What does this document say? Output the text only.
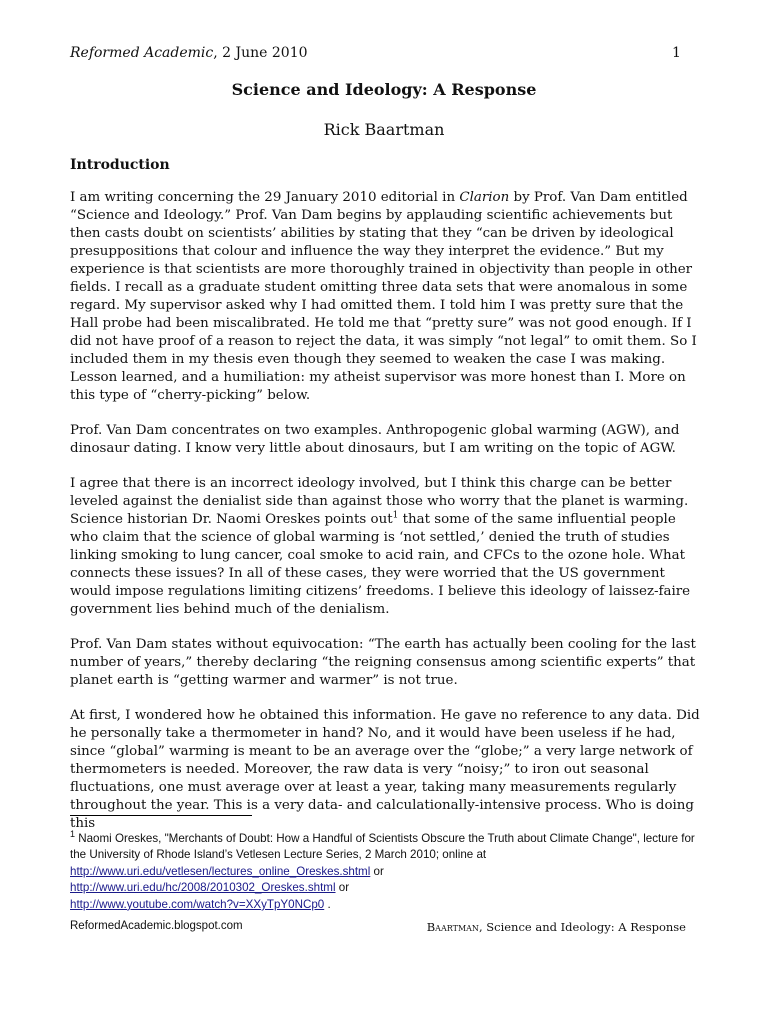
Reformed Academic, 2 June 2010	1
Science and Ideology: A Response
Rick Baartman
Introduction

I am writing concerning the 29 January 2010 editorial in Clarion by Prof. Van Dam entitled “Science and Ideology.” Prof. Van Dam begins by applauding scientific achievements but then casts doubt on scientists’ abilities by stating that they “can be driven by ideological presuppositions that colour and influence the way they interpret the evidence.” But my experience is that scientists are more thoroughly trained in objectivity than people in other fields. I recall as a graduate student omitting three data sets that were anomalous in some regard. My supervisor asked why I had omitted them. I told him I was pretty sure that the Hall probe had been miscalibrated. He told me that “pretty sure” was not good enough. If I did not have proof of a reason to reject the data, it was simply “not legal” to omit them. So I included them in my thesis even though they seemed to weaken the case I was making. Lesson learned, and a humiliation: my atheist supervisor was more honest than I. More on this type of “cherry-picking” below.

Prof. Van Dam concentrates on two examples. Anthropogenic global warming (AGW), and dinosaur dating. I know very little about dinosaurs, but I am writing on the topic of AGW.

I agree that there is an incorrect ideology involved, but I think this charge can be better leveled against the denialist side than against those who worry that the planet is warming. Science historian Dr. Naomi Oreskes points out$^1$ that some of the same influential people who claim that the science of global warming is ‘not settled,’ denied the truth of studies linking smoking to lung cancer, coal smoke to acid rain, and CFCs to the ozone hole. What connects these issues? In all of these cases, they were worried that the US government would impose regulations limiting citizens’ freedoms. I believe this ideology of laissez-faire government lies behind much of the denialism.

Prof. Van Dam states without equivocation: “The earth has actually been cooling for the last number of years,” thereby declaring “the reigning consensus among scientific experts” that planet earth is “getting warmer and warmer” is not true.

At first, I wondered how he obtained this information. He gave no reference to any data. Did he personally take a thermometer in hand? No, and it would have been useless if he had, since “global” warming is meant to be an average over the “globe;” a very large network of thermometers is needed. Moreover, the raw data is very “noisy;” to iron out seasonal fluctuations, one must average over at least a year, taking many measurements regularly throughout the year. This is a very data- and calculationally-intensive process. Who is doing this

$^1$ Naomi Oreskes, "Merchants of Doubt: How a Handful of Scientists Obscure the Truth about Climate Change", lecture for the University of Rhode Island’s Vetlesen Lecture Series, 2 March 2010; online at
http://www.uri.edu/vetlesen/lectures_online_Oreskes.shtml or
http://www.uri.edu/hc/2008/2010302_Oreskes.shtml or
http://www.youtube.com/watch?v=XXyTpY0NCp0 .
ReformedAcademic.blogspot.com	Baartman, Science and Ideology: A Response
